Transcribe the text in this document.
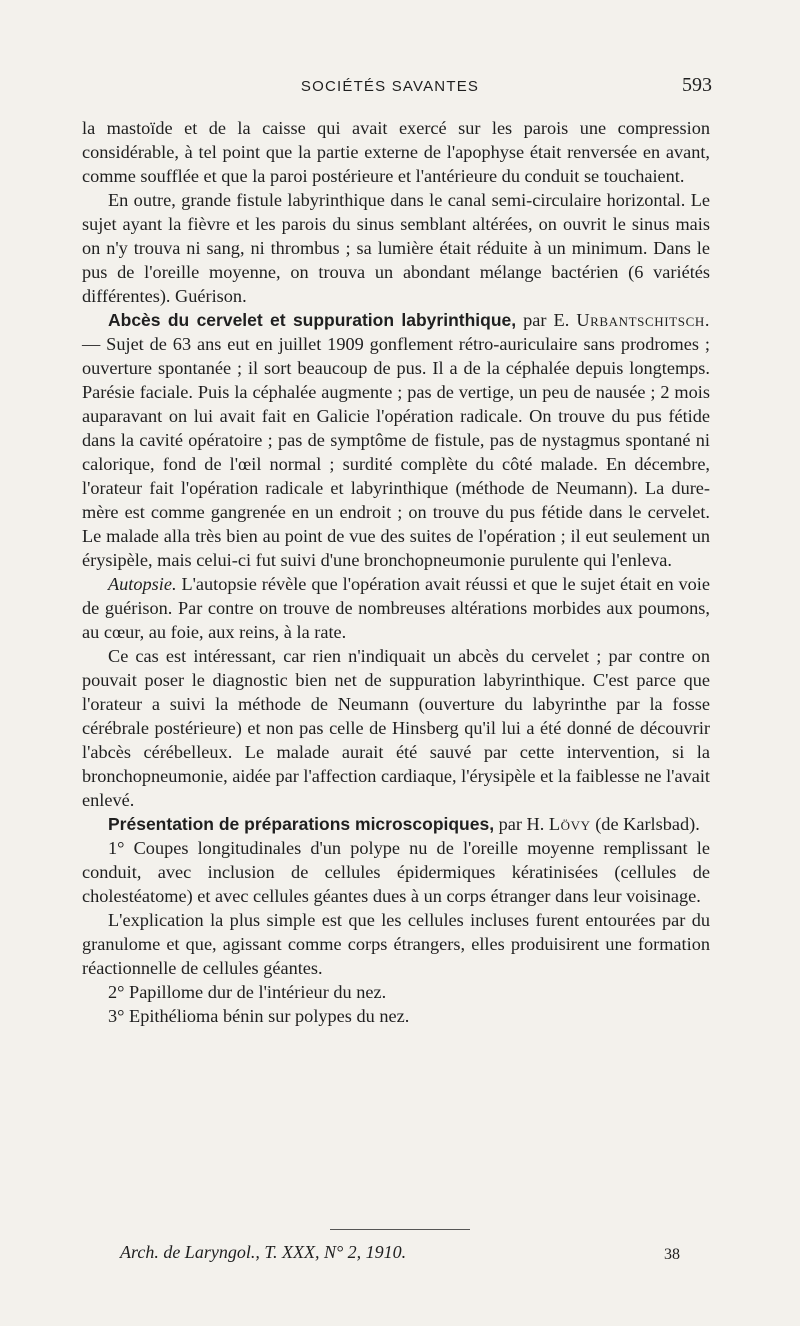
SOCIÉTÉS SAVANTES	593

la mastoïde et de la caisse qui avait exercé sur les parois une compression considérable, à tel point que la partie externe de l'apophyse était renversée en avant, comme soufflée et que la paroi postérieure et l'antérieure du conduit se touchaient.

En outre, grande fistule labyrinthique dans le canal semi-circulaire horizontal. Le sujet ayant la fièvre et les parois du sinus semblant altérées, on ouvrit le sinus mais on n'y trouva ni sang, ni thrombus ; sa lumière était réduite à un minimum. Dans le pus de l'oreille moyenne, on trouva un abondant mélange bactérien (6 variétés différentes). Guérison.

Abcès du cervelet et suppuration labyrinthique, par E. Urbantschitsch. — Sujet de 63 ans eut en juillet 1909 gonflement rétro-auriculaire sans prodromes ; ouverture spontanée ; il sort beaucoup de pus. Il a de la céphalée depuis longtemps. Parésie faciale. Puis la céphalée augmente ; pas de vertige, un peu de nausée ; 2 mois auparavant on lui avait fait en Galicie l'opération radicale. On trouve du pus fétide dans la cavité opératoire ; pas de symptôme de fistule, pas de nystagmus spontané ni calorique, fond de l'œil normal ; surdité complète du côté malade. En décembre, l'orateur fait l'opération radicale et labyrinthique (méthode de Neumann). La dure-mère est comme gangrenée en un endroit ; on trouve du pus fétide dans le cervelet. Le malade alla très bien au point de vue des suites de l'opération ; il eut seulement un érysipèle, mais celui-ci fut suivi d'une bronchopneumonie purulente qui l'enleva.

Autopsie. L'autopsie révèle que l'opération avait réussi et que le sujet était en voie de guérison. Par contre on trouve de nombreuses altérations morbides aux poumons, au cœur, au foie, aux reins, à la rate.

Ce cas est intéressant, car rien n'indiquait un abcès du cervelet ; par contre on pouvait poser le diagnostic bien net de suppuration labyrinthique. C'est parce que l'orateur a suivi la méthode de Neumann (ouverture du labyrinthe par la fosse cérébrale postérieure) et non pas celle de Hinsberg qu'il lui a été donné de découvrir l'abcès cérébelleux. Le malade aurait été sauvé par cette intervention, si la bronchopneumonie, aidée par l'affection cardiaque, l'érysipèle et la faiblesse ne l'avait enlevé.

Présentation de préparations microscopiques, par H. Lövy (de Karlsbad).

1° Coupes longitudinales d'un polype nu de l'oreille moyenne remplissant le conduit, avec inclusion de cellules épidermiques kératinisées (cellules de cholestéatome) et avec cellules géantes dues à un corps étranger dans leur voisinage.

L'explication la plus simple est que les cellules incluses furent entourées par du granulome et que, agissant comme corps étrangers, elles produisirent une formation réactionnelle de cellules géantes.

2° Papillome dur de l'intérieur du nez.

3° Epithélioma bénin sur polypes du nez.

Arch. de Laryngol., T. XXX, N° 2, 1910.	38
